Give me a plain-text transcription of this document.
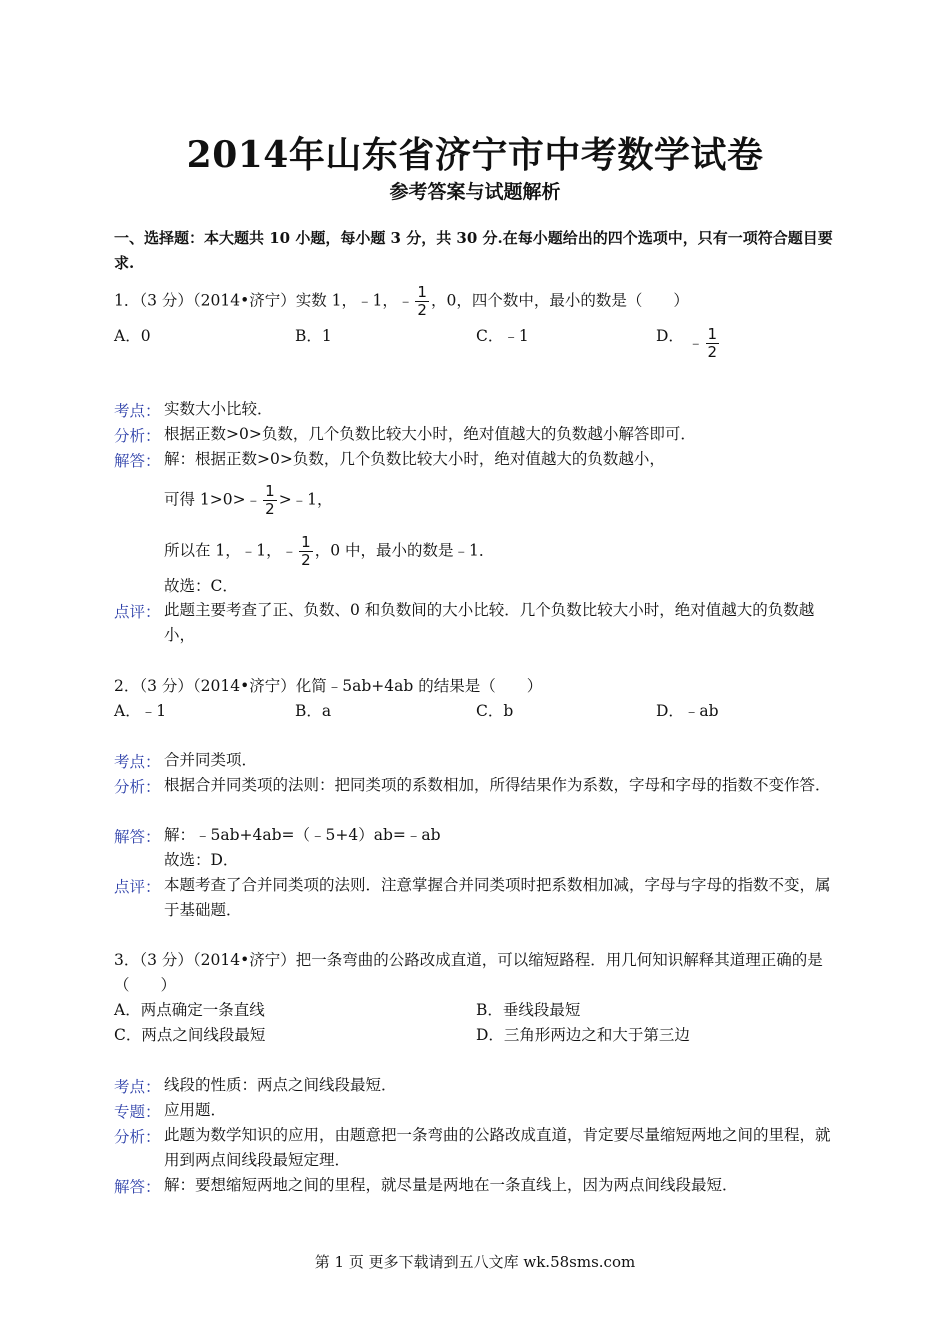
2014年山东省济宁市中考数学试卷
参考答案与试题解析
一、选择题：本大题共 10 小题，每小题 3 分，共 30 分.在每小题给出的四个选项中，只有一项符合题目要求.
1．（3 分）（2014•济宁）实数 1，﹣1，﹣ $\frac{1}{2}$ ，0，四个数中，最小的数是（　　）
A．0	B．1	C．﹣1	D． ﹣ $\frac{1}{2}$
考点： 实数大小比较．
分析： 根据正数>0>负数，几个负数比较大小时，绝对值越大的负数越小解答即可．
解答： 解：根据正数>0>负数，几个负数比较大小时，绝对值越大的负数越小，
可得 1>0>﹣ $\frac{1}{2}$ >﹣1，
所以在 1，﹣1，﹣ $\frac{1}{2}$ ，0 中，最小的数是﹣1．
故选：C．
点评： 此题主要考查了正、负数、0 和负数间的大小比较．几个负数比较大小时，绝对值越大的负数越小，
2．（3 分）（2014•济宁）化简﹣5ab+4ab 的结果是（　　）
A．﹣1	B．a	C．b	D．﹣ab
考点： 合并同类项．
分析： 根据合并同类项的法则：把同类项的系数相加，所得结果作为系数，字母和字母的指数不变作答．
解答： 解：﹣5ab+4ab=（﹣5+4）ab=﹣ab
故选：D．
点评： 本题考查了合并同类项的法则．注意掌握合并同类项时把系数相加减，字母与字母的指数不变，属于基础题．
3．（3 分）（2014•济宁）把一条弯曲的公路改成直道，可以缩短路程．用几何知识解释其道理正确的是（　　）
A．两点确定一条直线	B．垂线段最短
C．两点之间线段最短	D．三角形两边之和大于第三边
考点： 线段的性质：两点之间线段最短．
专题： 应用题．
分析： 此题为数学知识的应用，由题意把一条弯曲的公路改成直道，肯定要尽量缩短两地之间的里程，就用到两点间线段最短定理．
解答： 解：要想缩短两地之间的里程，就尽量是两地在一条直线上，因为两点间线段最短．
第 1 页 更多下载请到五八文库 wk.58sms.com
